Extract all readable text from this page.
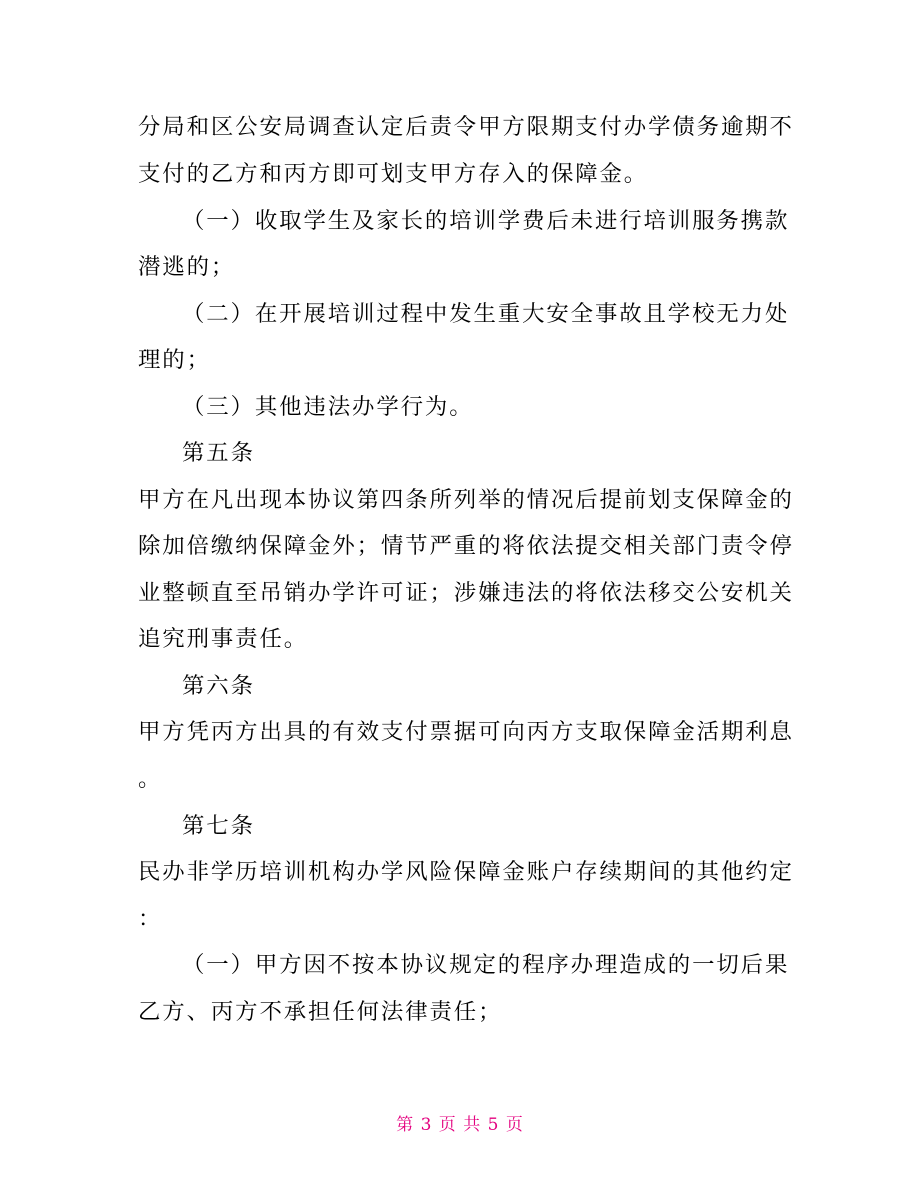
分局和区公安局调查认定后责令甲方限期支付办学债务逾期不
支付的乙方和丙方即可划支甲方存入的保障金。
（一）收取学生及家长的培训学费后未进行培训服务携款
潜逃的；
（二）在开展培训过程中发生重大安全事故且学校无力处
理的；
（三）其他违法办学行为。
第五条
甲方在凡出现本协议第四条所列举的情况后提前划支保障金的
除加倍缴纳保障金外；情节严重的将依法提交相关部门责令停
业整顿直至吊销办学许可证；涉嫌违法的将依法移交公安机关
追究刑事责任。
第六条
甲方凭丙方出具的有效支付票据可向丙方支取保障金活期利息
。
第七条
民办非学历培训机构办学风险保障金账户存续期间的其他约定
：
（一）甲方因不按本协议规定的程序办理造成的一切后果
乙方、丙方不承担任何法律责任；
第 3 页 共 5 页
